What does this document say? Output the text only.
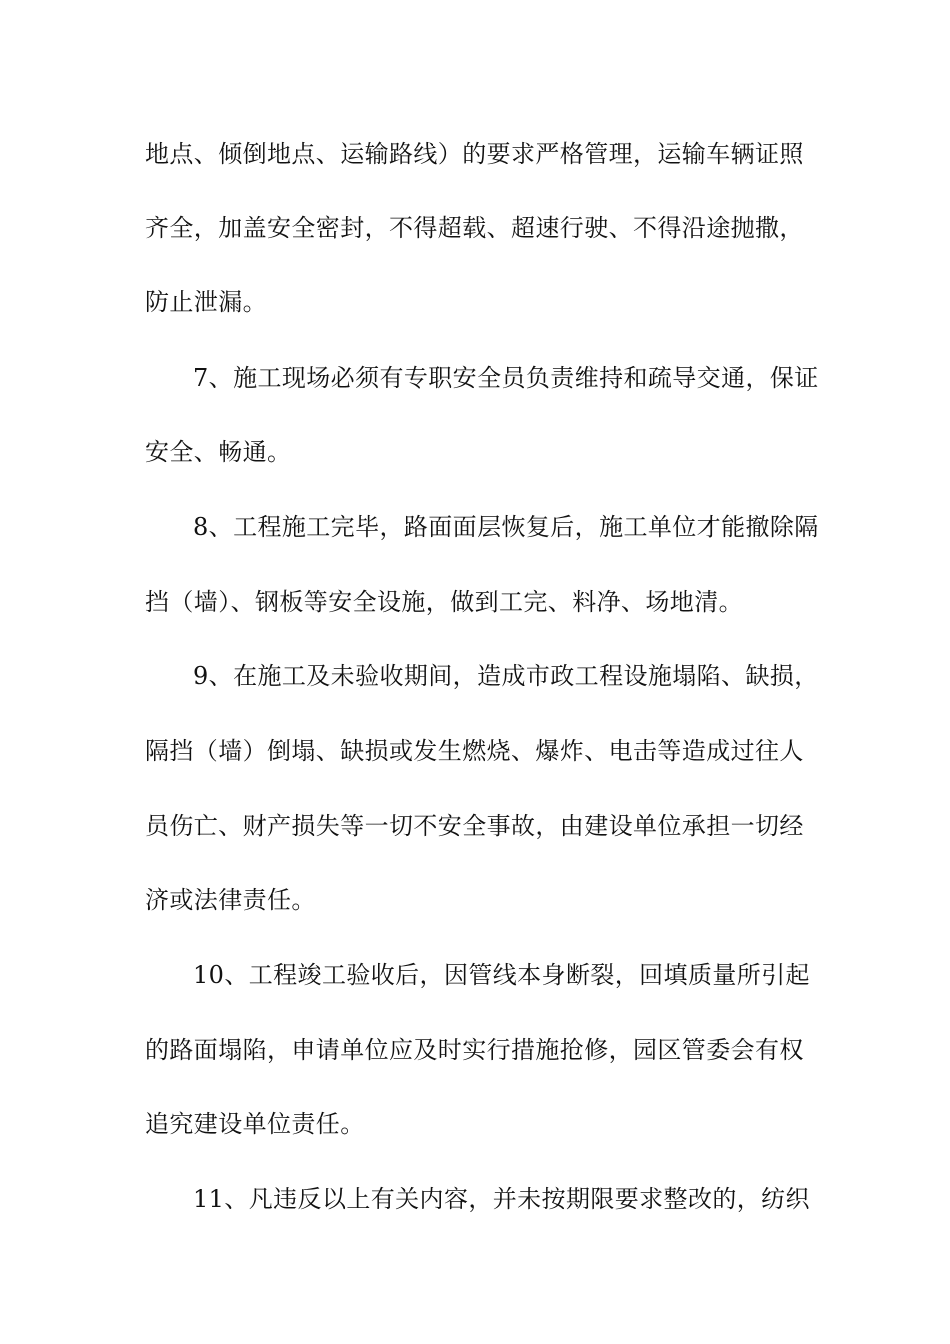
地点、倾倒地点、运输路线）的要求严格管理，运输车辆证照
齐全，加盖安全密封，不得超载、超速行驶、不得沿途抛撒，
防止泄漏。
7、施工现场必须有专职安全员负责维持和疏导交通，保证
安全、畅通。
8、工程施工完毕，路面面层恢复后，施工单位才能撤除隔
挡（墙）、钢板等安全设施，做到工完、料净、场地清。
9、在施工及未验收期间，造成市政工程设施塌陷、缺损，
隔挡（墙）倒塌、缺损或发生燃烧、爆炸、电击等造成过往人
员伤亡、财产损失等一切不安全事故，由建设单位承担一切经
济或法律责任。
10、工程竣工验收后，因管线本身断裂，回填质量所引起
的路面塌陷，申请单位应及时实行措施抢修，园区管委会有权
追究建设单位责任。
11、凡违反以上有关内容，并未按期限要求整改的，纺织
